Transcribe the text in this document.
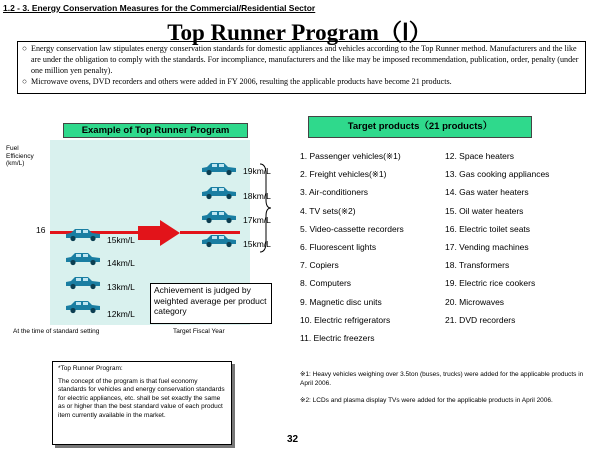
1.2 - 3. Energy Conservation Measures for the Commercial/Residential Sector
Top Runner Program（Ⅰ）

○ Energy conservation law stipulates energy conservation standards for domestic appliances and vehicles according to the Top Runner method. Manufacturers and the like are under the obligation to comply with the standards. For incompliance, manufacturers and the like may be imposed recommendation, publication, order, penalty (under one million yen penalty).

○ Microwave ovens, DVD recorders and others were added in FY 2006, resulting the applicable products have become 21 products.

Example of Top Runner Program
Fuel
Efficiency
(km/L)
16
15km/L
14km/L
13km/L
12km/L
19km/L
18km/L
17km/L
15km/L
Achievement is judged by weighted average per product category
At the time of standard setting	Target Fiscal Year
Target products（21 products）
1. Passenger vehicles(※1)
2. Freight vehicles(※1)
3. Air-conditioners
4. TV sets(※2)
5. Video-cassette recorders
6. Fluorescent lights
7. Copiers
8. Computers
9. Magnetic disc units
10. Electric refrigerators
11. Electric freezers
12. Space heaters
13. Gas cooking appliances
14. Gas water heaters
15. Oil water heaters
16. Electric toilet seats
17. Vending machines
18. Transformers
19. Electric rice cookers
20. Microwaves
21. DVD recorders
*Top Runner Program:
The concept of the program is that fuel economy standards for vehicles and energy conservation standards for electric appliances, etc. shall be set exactly the same as or higher than the best standard value of each product item currently available in the market.
※1: Heavy vehicles weighing over 3.5ton (buses, trucks) were added for the applicable products in April 2006.
※2: LCDs and plasma display TVs were added for the applicable products in April 2006.
32
